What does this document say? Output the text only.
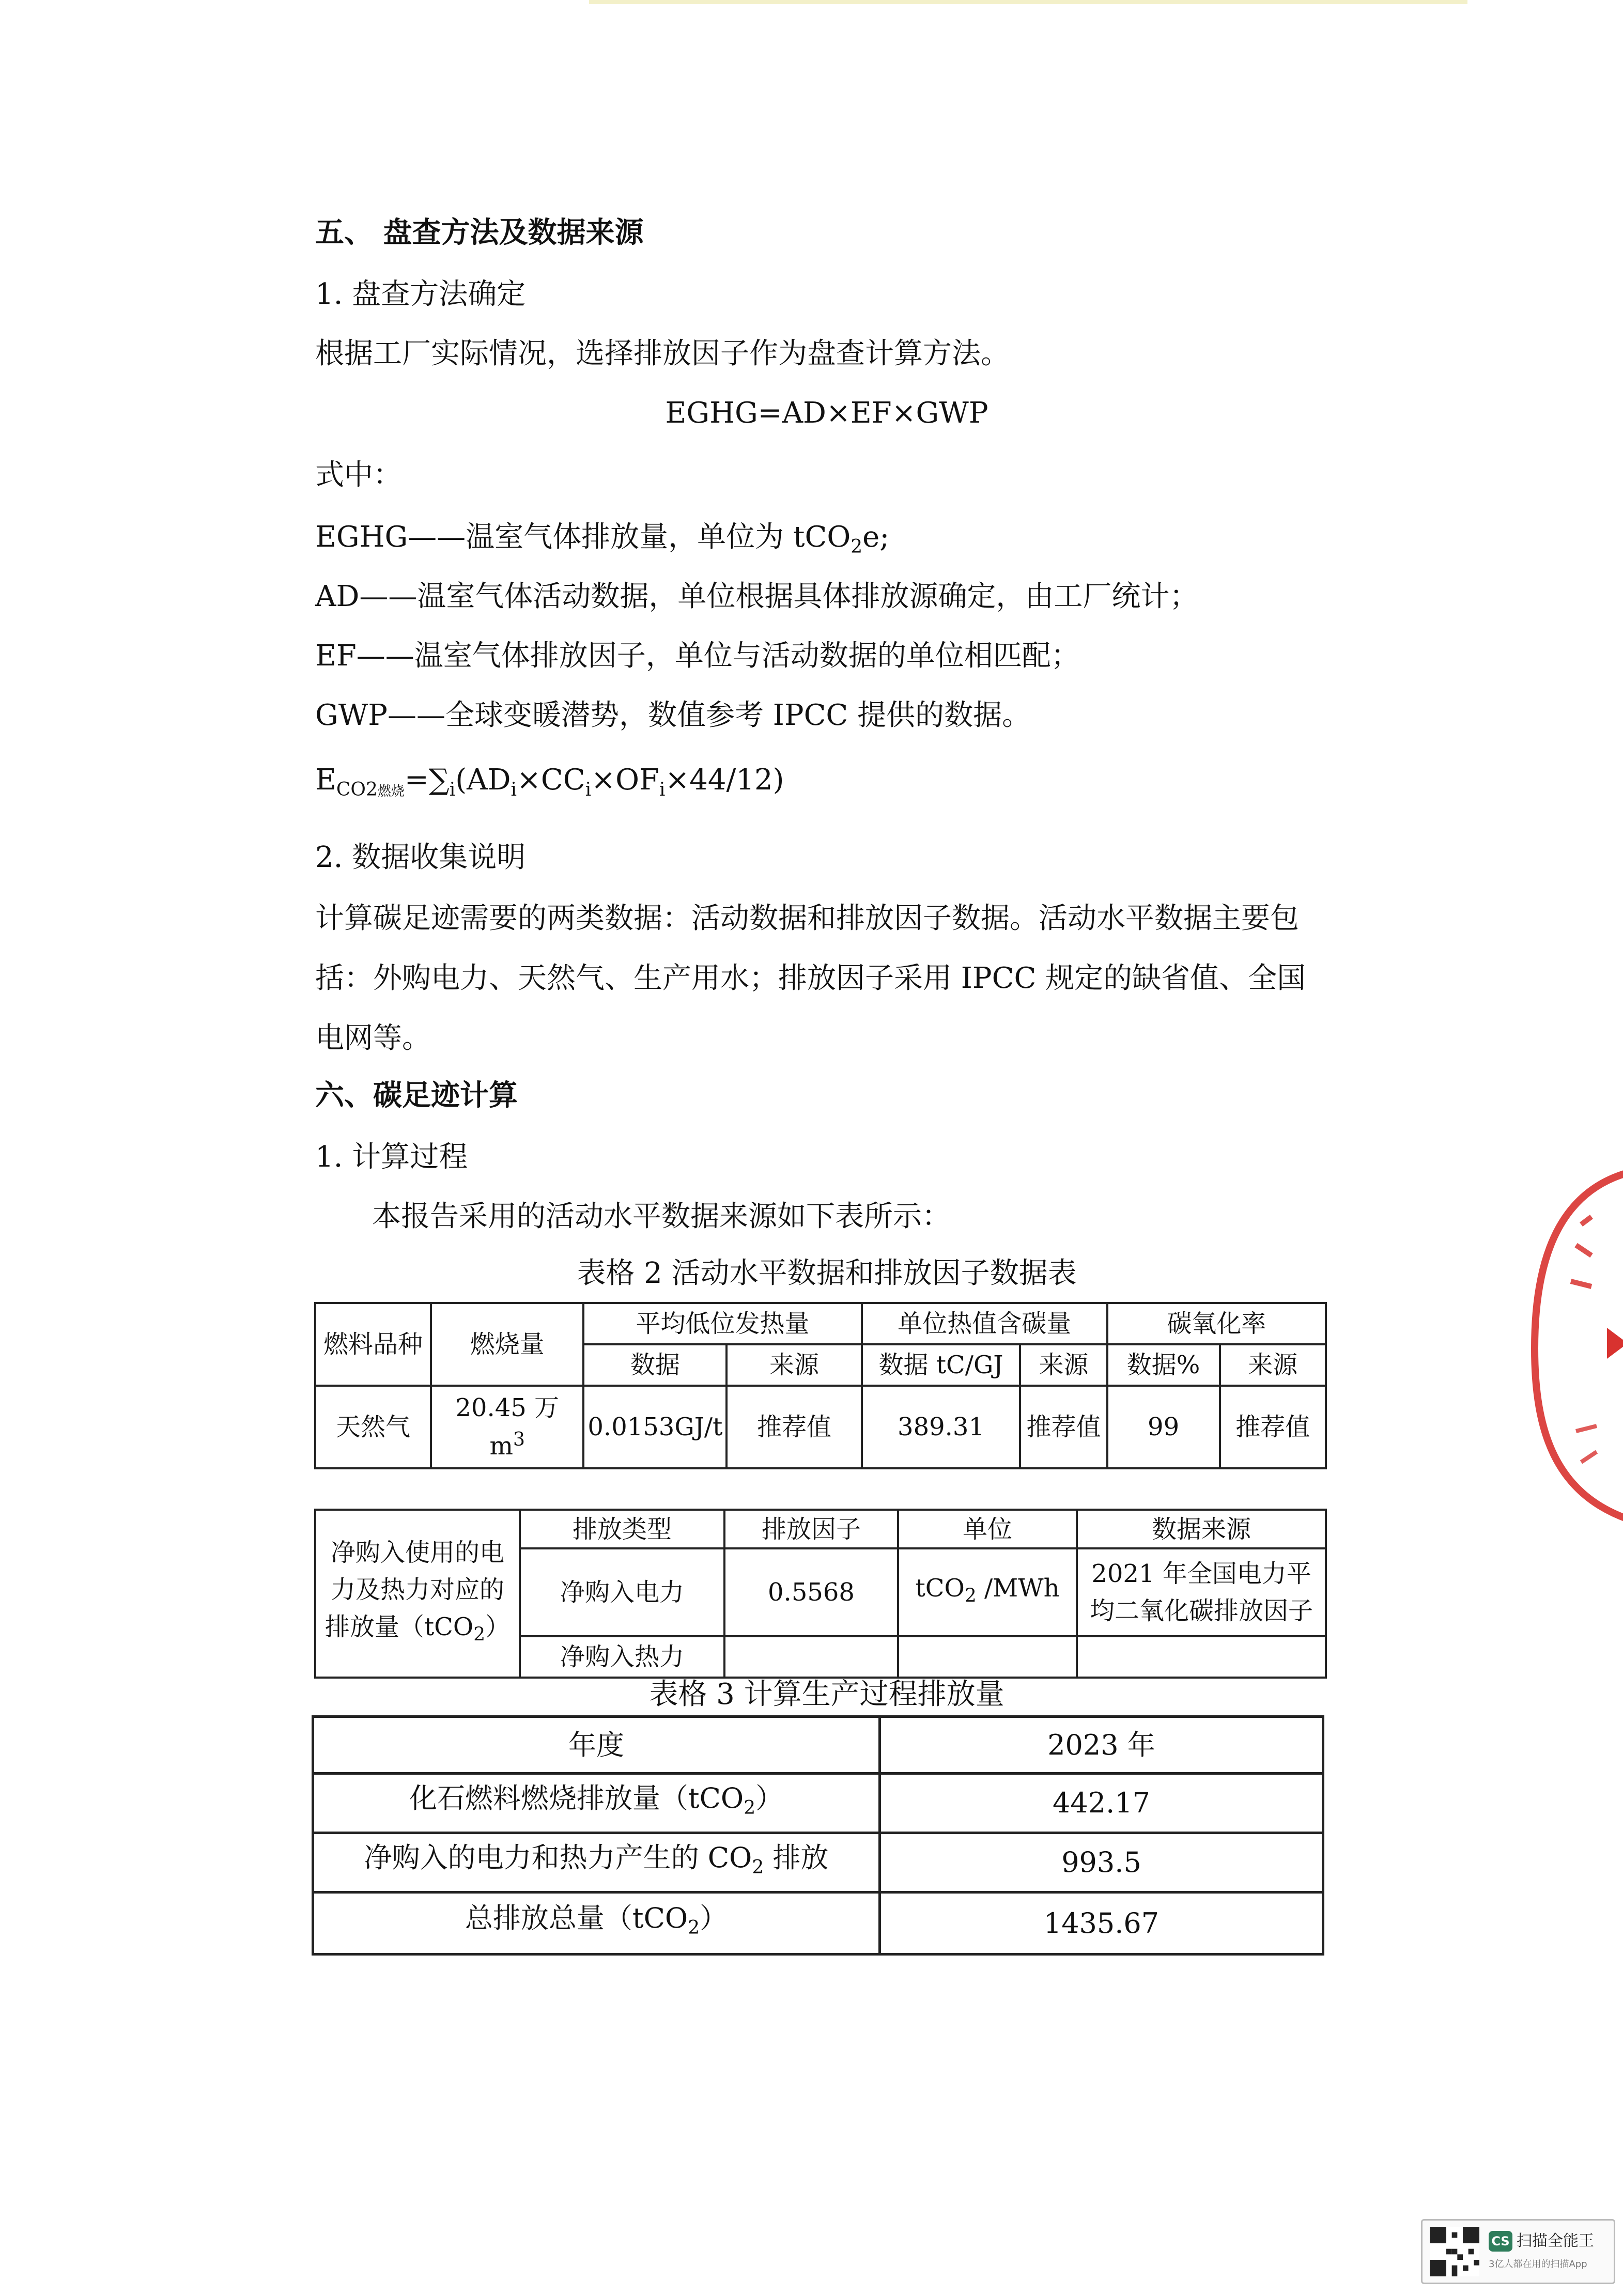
五、 盘查方法及数据来源
1. 盘查方法确定
根据工厂实际情况，选择排放因子作为盘查计算方法。
EGHG=AD×EF×GWP
式中：
EGHG——温室气体排放量，单位为 tCO$_2$e;
AD——温室气体活动数据，单位根据具体排放源确定，由工厂统计；
EF——温室气体排放因子，单位与活动数据的单位相匹配；
GWP——全球变暖潜势，数值参考 IPCC 提供的数据。
$E_{CO2燃烧}=\sum_i(AD_i\times CC_i\times OF_i\times 44/12)$
2. 数据收集说明
计算碳足迹需要的两类数据：活动数据和排放因子数据。活动水平数据主要包括：外购电力、天然气、生产用水；排放因子采用 IPCC 规定的缺省值、全国电网等。
六、碳足迹计算
1. 计算过程
本报告采用的活动水平数据来源如下表所示：
表格 2 活动水平数据和排放因子数据表
燃料品种	燃烧量	平均低位发热量		单位热值含碳量		碳氧化率	
		数据	来源	数据 tC/GJ	来源	数据%	来源
天然气	20.45 万 $m^3$	0.0153GJ/t	推荐值	389.31	推荐值	99	推荐值
净购入使用的电力及热力对应的排放量（tCO$_2$）	排放类型	排放因子	单位	数据来源
	净购入电力	0.5568	tCO$_2$ /MWh	2021 年全国电力平均二氧化碳排放因子
	净购入热力			
表格 3 计算生产过程排放量
年度	2023 年
化石燃料燃烧排放量（tCO$_2$）	442.17
净购入的电力和热力产生的 $CO_2$ 排放	993.5
总排放总量（tCO$_2$）	1435.67
CS 扫描全能王
3亿人都在用的扫描App
